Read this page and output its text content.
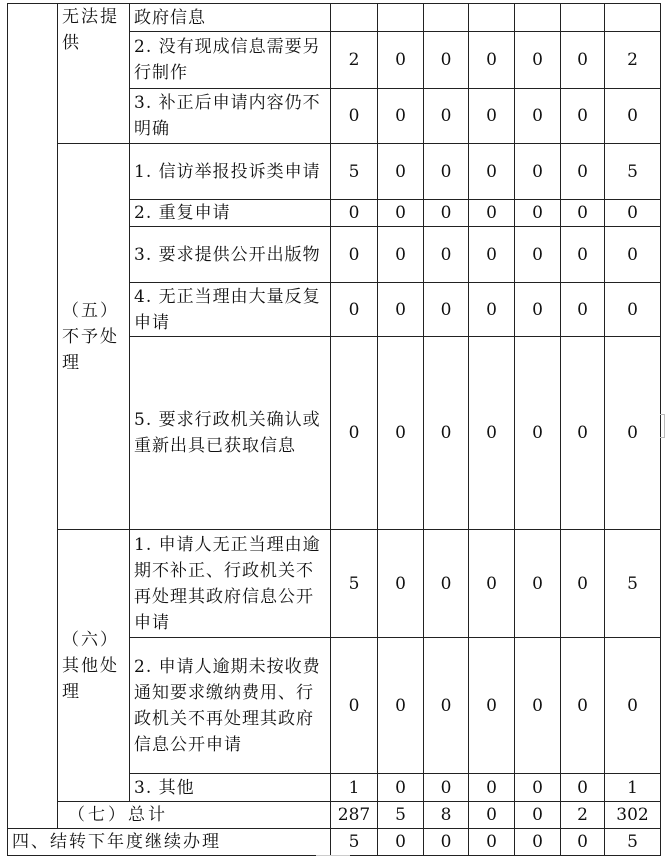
	无法提供	政府信息							
		2. 没有现成信息需要另行制作	2	0	0	0	0	0	2
		3. 补正后申请内容仍不明确	0	0	0	0	0	0	0
	（五）不予处理	1. 信访举报投诉类申请	5	0	0	0	0	0	5
		2. 重复申请	0	0	0	0	0	0	0
		3. 要求提供公开出版物	0	0	0	0	0	0	0
		4. 无正当理由大量反复申请	0	0	0	0	0	0	0
		5. 要求行政机关确认或重新出具已获取信息	0	0	0	0	0	0	0
	（六）其他处理	1. 申请人无正当理由逾期不补正、行政机关不再处理其政府信息公开申请	5	0	0	0	0	0	5
		2. 申请人逾期未按收费通知要求缴纳费用、行政机关不再处理其政府信息公开申请	0	0	0	0	0	0	0
		3. 其他	1	0	0	0	0	0	1
	（七）总计		287	5	8	0	0	2	302
四、结转下年度继续办理			5	0	0	0	0	0	5
